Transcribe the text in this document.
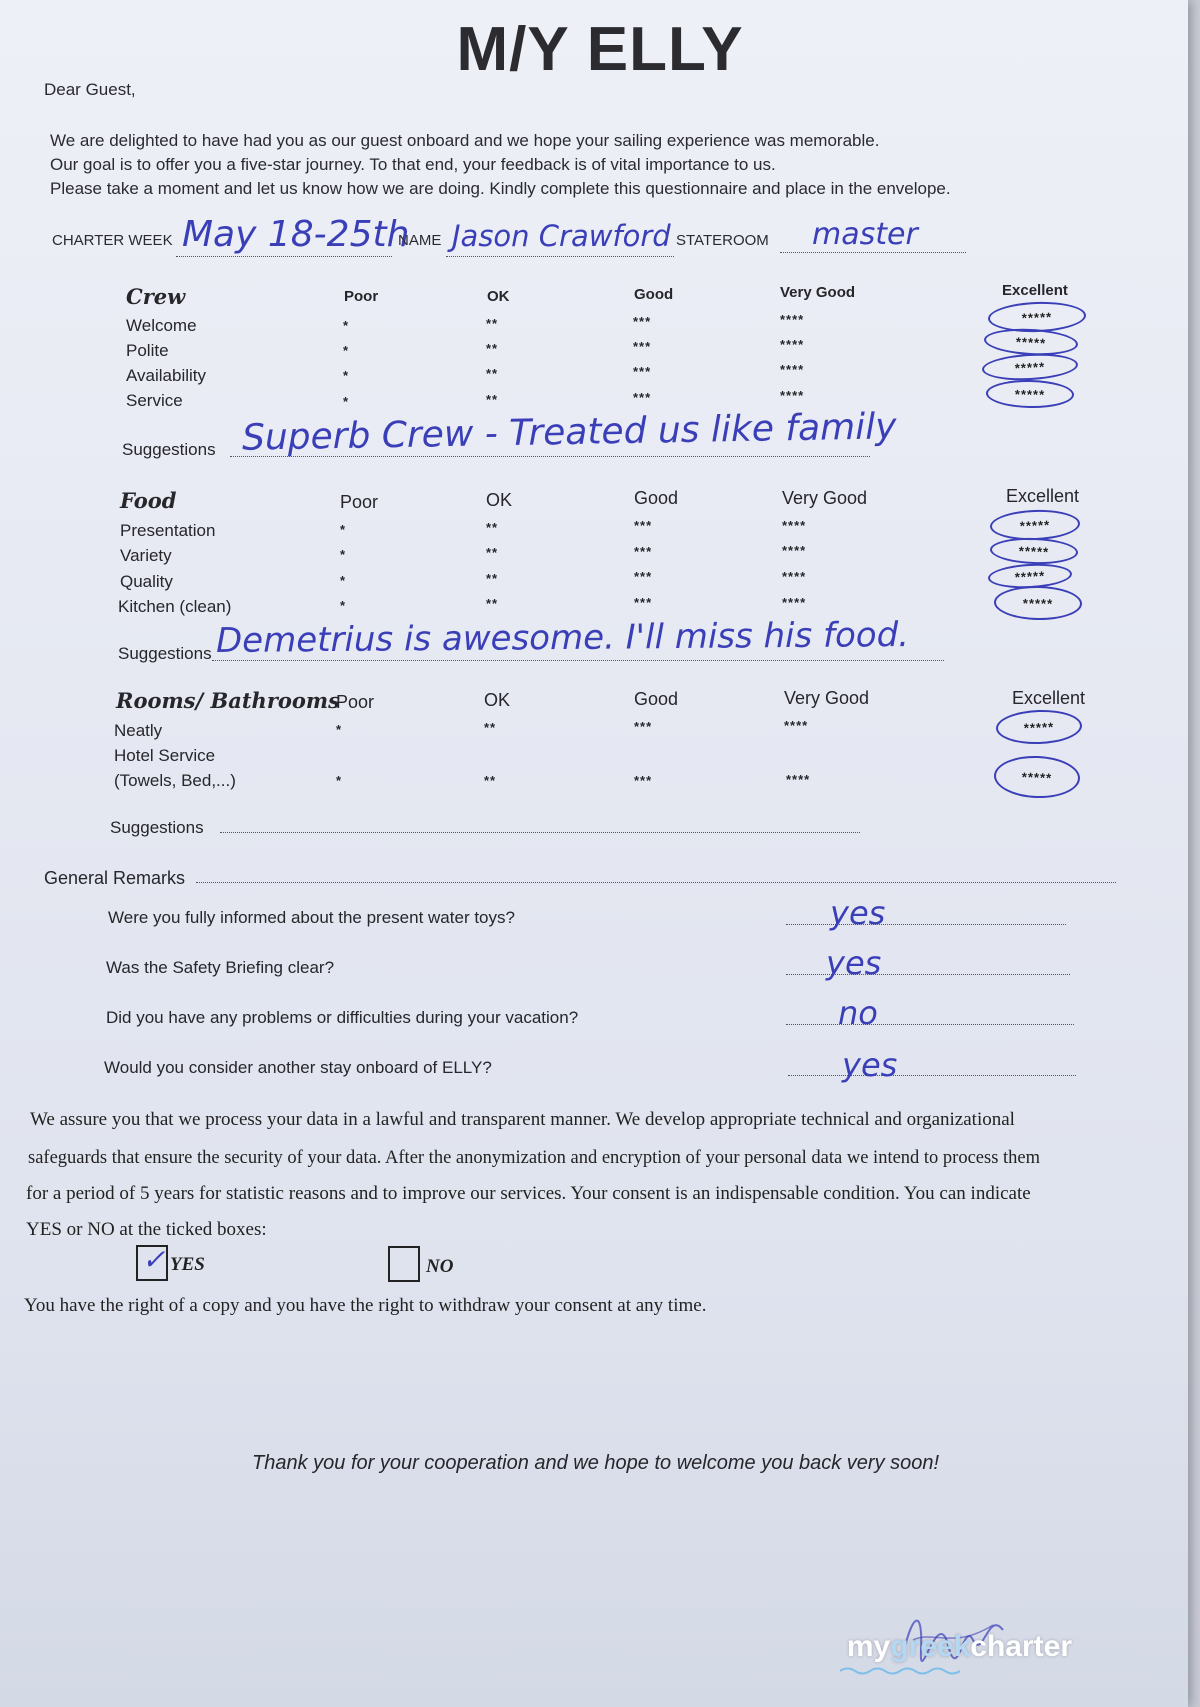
M/Y ELLY
Dear Guest,
We are delighted to have had you as our guest onboard and we hope your sailing experience was memorable.
Our goal is to offer you a five-star journey. To that end, your feedback is of vital importance to us.
Please take a moment and let us know how we are doing. Kindly complete this questionnaire and place in the envelope.
CHARTER WEEK May 18-25th
NAME Jason Crawford STATEROOM master
Crew	Poor	OK	Good	Very Good	Excellent
Welcome	*	**	***	****	*****
Polite	*	**	***	****	*****
Availability	*	**	***	****	*****
Service	*	**	***	****	*****
Suggestions Superb Crew - Treated us like family
Food	Poor	OK	Good	Very Good	Excellent
Presentation	*	**	***	****	*****
Variety	*	**	***	****	*****
Quality	*	**	***	****	*****
Kitchen (clean)	*	**	***	****	*****
Suggestions Demetrius is awesome. I'll miss his food.
Rooms/ Bathrooms
Poor	OK	Good	Very Good	Excellent
Neatly	*	**	***	****	*****
Hotel Service
(Towels, Bed,...)	*	**	***	****	*****
Suggestions
General Remarks
Were you fully informed about the present water toys?	yes
Was the Safety Briefing clear?	yes
Did you have any problems or difficulties during your vacation?	no
Would you consider another stay onboard of ELLY?	yes
We assure you that we process your data in a lawful and transparent manner. We develop appropriate technical and organizational
safeguards that ensure the security of your data. After the anonymization and encryption of your personal data we intend to process them
for a period of 5 years for statistic reasons and to improve our services. Your consent is an indispensable condition. You can indicate
YES or NO at the ticked boxes:
✓ YES	NO
You have the right of a copy and you have the right to withdraw your consent at any time.
Thank you for your cooperation and we hope to welcome you back very soon!
mygreekcharter
